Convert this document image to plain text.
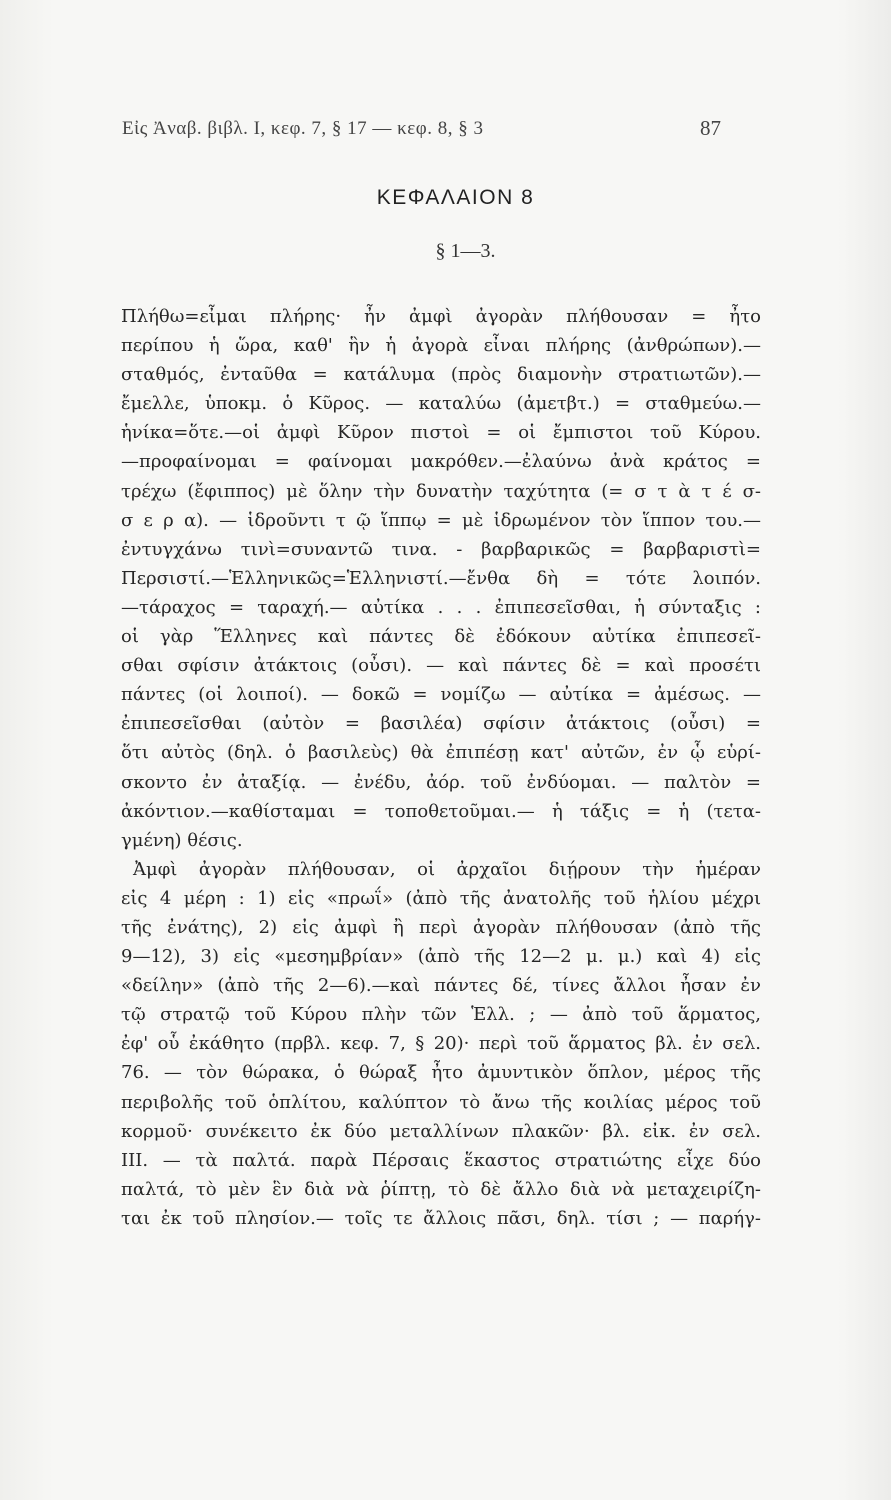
Εἰς Ἀναβ. βιβλ. Ι, κεφ. 7, § 17 — κεφ. 8, § 3	87
ΚΕΦΑΛΑΙΟΝ 8
§ 1—3.
Πλήθω=εἶμαι πλήρης· ἦν ἀμφὶ ἀγορὰν πλήθουσαν = ἦτο
περίπου ἡ ὥρα, καθ' ἣν ἡ ἀγορὰ εἶναι πλήρης (ἀνθρώπων).—
σταθμός, ἐνταῦθα = κατάλυμα (πρὸς διαμονὴν στρατιωτῶν).—
ἔμελλε, ὑποκμ. ὁ Κῦρος. — καταλύω (ἀμετβτ.) = σταθμεύω.—
ἡνίκα=ὅτε.—οἱ ἀμφὶ Κῦρον πιστοὶ = οἱ ἔμπιστοι τοῦ Κύρου.
—προφαίνομαι = φαίνομαι μακρόθεν.—ἐλαύνω ἀνὰ κράτος =
τρέχω (ἔφιππος) μὲ ὅλην τὴν δυνατὴν ταχύτητα (= σ τ ὰ τ έ σ-
σ ε ρ α). — ἱδροῦντι τ ῷ ἵππῳ = μὲ ἱδρωμένον τὸν ἵππον του.—
ἐντυγχάνω τινὶ=συναντῶ τινα. - βαρβαρικῶς = βαρβαριστὶ=
Περσιστί.—Ἑλληνικῶς=Ἑλληνιστί.—ἔνθα δὴ = τότε λοιπόν.
—τάραχος = ταραχή.— αὐτίκα . . . ἐπιπεσεῖσθαι, ἡ σύνταξις :
οἱ γὰρ Ἕλληνες καὶ πάντες δὲ ἐδόκουν αὐτίκα ἐπιπεσεῖ-
σθαι σφίσιν ἀτάκτοις (οὖσι). — καὶ πάντες δὲ = καὶ προσέτι
πάντες (οἱ λοιποί). — δοκῶ = νομίζω — αὐτίκα = ἀμέσως. —
ἐπιπεσεῖσθαι (αὐτὸν = βασιλέα) σφίσιν ἀτάκτοις (οὖσι) =
ὅτι αὐτὸς (δηλ. ὁ βασιλεὺς) θὰ ἐπιπέσῃ κατ' αὐτῶν, ἐν ᾧ εὑρί-
σκοντο ἐν ἀταξίᾳ. — ἐνέδυ, ἀόρ. τοῦ ἐνδύομαι. — παλτὸν =
ἀκόντιον.—καθίσταμαι = τοποθετοῦμαι.— ἡ τάξις = ἡ (τετα-
γμένη) θέσις.
Ἀμφὶ ἀγορὰν πλήθουσαν, οἱ ἀρχαῖοι διῄρουν τὴν ἡμέραν
εἰς 4 μέρη : 1) εἰς «πρωΐ» (ἀπὸ τῆς ἀνατολῆς τοῦ ἡλίου μέχρι
τῆς ἐνάτης), 2) εἰς ἀμφὶ ἢ περὶ ἀγορὰν πλήθουσαν (ἀπὸ τῆς
9—12), 3) εἰς «μεσημβρίαν» (ἀπὸ τῆς 12—2 μ. μ.) καὶ 4) εἰς
«δείλην» (ἀπὸ τῆς 2—6).—καὶ πάντες δέ, τίνες ἄλλοι ἦσαν ἐν
τῷ στρατῷ τοῦ Κύρου πλὴν τῶν Ἑλλ. ; — ἀπὸ τοῦ ἅρματος,
ἐφ' οὗ ἐκάθητο (πρβλ. κεφ. 7, § 20)· περὶ τοῦ ἅρματος βλ. ἐν σελ.
76. — τὸν θώρακα, ὁ θώραξ ἦτο ἀμυντικὸν ὅπλον, μέρος τῆς
περιβολῆς τοῦ ὁπλίτου, καλύπτον τὸ ἄνω τῆς κοιλίας μέρος τοῦ
κορμοῦ· συνέκειτο ἐκ δύο μεταλλίνων πλακῶν· βλ. εἰκ. ἐν σελ.
ΙΙΙ. — τὰ παλτά. παρὰ Πέρσαις ἕκαστος στρατιώτης εἶχε δύο
παλτά, τὸ μὲν ἓν διὰ νὰ ῥίπτῃ, τὸ δὲ ἄλλο διὰ νὰ μεταχειρίζη-
ται ἐκ τοῦ πλησίον.— τοῖς τε ἄλλοις πᾶσι, δηλ. τίσι ; — παρήγ-
